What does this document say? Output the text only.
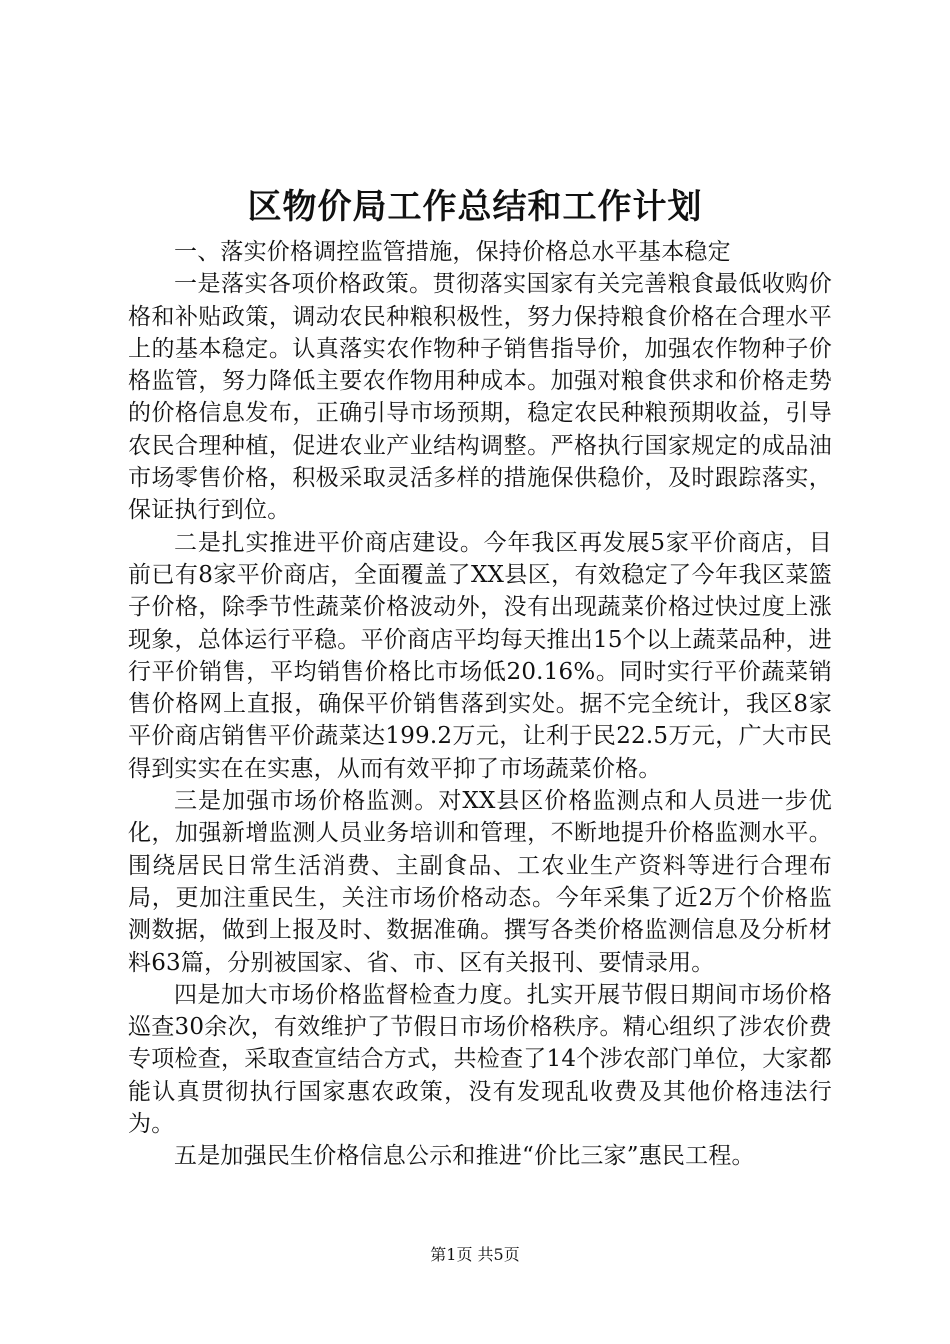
区物价局工作总结和工作计划

一、落实价格调控监管措施，保持价格总水平基本稳定

一是落实各项价格政策。贯彻落实国家有关完善粮食最低收购价格和补贴政策，调动农民种粮积极性，努力保持粮食价格在合理水平上的基本稳定。认真落实农作物种子销售指导价，加强农作物种子价格监管，努力降低主要农作物用种成本。加强对粮食供求和价格走势的价格信息发布，正确引导市场预期，稳定农民种粮预期收益，引导农民合理种植，促进农业产业结构调整。严格执行国家规定的成品油市场零售价格，积极采取灵活多样的措施保供稳价，及时跟踪落实，保证执行到位。

二是扎实推进平价商店建设。今年我区再发展5家平价商店，目前已有8家平价商店，全面覆盖了XX县区，有效稳定了今年我区菜篮子价格，除季节性蔬菜价格波动外，没有出现蔬菜价格过快过度上涨现象，总体运行平稳。平价商店平均每天推出15个以上蔬菜品种，进行平价销售，平均销售价格比市场低20.16%。同时实行平价蔬菜销售价格网上直报，确保平价销售落到实处。据不完全统计，我区8家平价商店销售平价蔬菜达199.2万元，让利于民22.5万元，广大市民得到实实在在实惠，从而有效平抑了市场蔬菜价格。

三是加强市场价格监测。对XX县区价格监测点和人员进一步优化，加强新增监测人员业务培训和管理，不断地提升价格监测水平。围绕居民日常生活消费、主副食品、工农业生产资料等进行合理布局，更加注重民生，关注市场价格动态。今年采集了近2万个价格监测数据，做到上报及时、数据准确。撰写各类价格监测信息及分析材料63篇，分别被国家、省、市、区有关报刊、要情录用。

四是加大市场价格监督检查力度。扎实开展节假日期间市场价格巡查30余次，有效维护了节假日市场价格秩序。精心组织了涉农价费专项检查，采取查宣结合方式，共检查了14个涉农部门单位，大家都能认真贯彻执行国家惠农政策，没有发现乱收费及其他价格违法行为。

五是加强民生价格信息公示和推进“价比三家”惠民工程。

第1页 共5页
